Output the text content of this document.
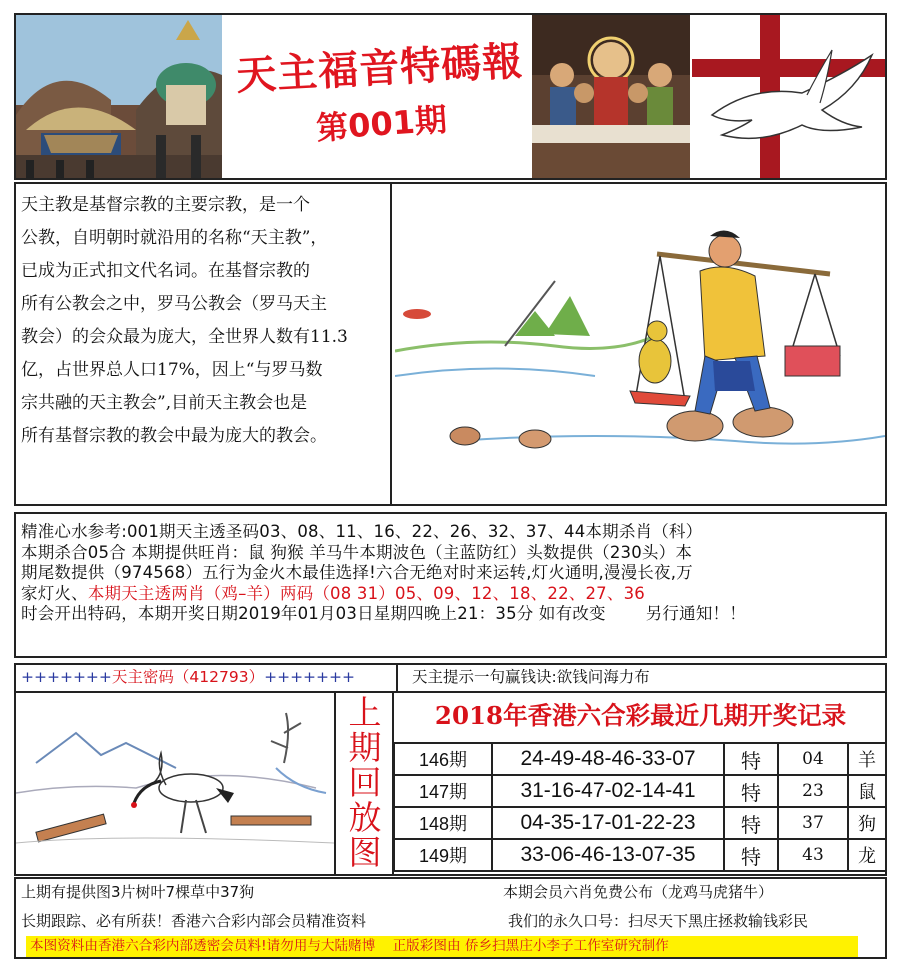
天主福音特碼報
第001期

天主教是基督宗教的主要宗教，是一个

公教，自明朝时就沿用的名称“天主教”，

已成为正式扣文代名词。在基督宗教的

所有公教会之中，罗马公教会（罗马天主

教会）的会众最为庞大，全世界人数有11.3

亿，占世界总人口17%，因上“与罗马数

宗共融的天主教会”,目前天主教会也是

所有基督宗教的教会中最为庞大的教会。

精准心水参考:001期天主透圣码03、08、11、16、22、26、32、37、44本期杀肖（科）
本期杀合05合 本期提供旺肖：鼠 狗猴 羊马牛本期波色（主蓝防红）头数提供（230头）本
期尾数提供（974568）五行为金火木最佳选择!六合无绝对时来运转,灯火通明,漫漫长夜,万
家灯火、本期天主透两肖（鸡–羊）两码（08 31）05、09、12、18、22、27、36
时会开出特码，本期开奖日期2019年01月03日星期四晚上21：35分 如有改变 另行通知！！
+++++++天主密码（412793）+++++++	天主提示一句赢钱诀:欲钱问海力布
上
期
回
放
图
2018年香港六合彩最近几期开奖记录
146期	24-49-48-46-33-07	特	04	羊
147期	31-16-47-02-14-41	特	23	鼠
148期	04-35-17-01-22-23	特	37	狗
149期	33-06-46-13-07-35	特	43	龙
上期有提供图3片树叶7棵草中37狗	本期会员六肖免费公布（龙鸡马虎猪牛）
长期跟踪、必有所获！香港六合彩内部会员精准资料	我们的永久口号：扫尽天下黑庄拯救输钱彩民
本图资料由香港六合彩内部透密会员料!请勿用与大陆赌博    正版彩图由 侨乡扫黑庄小李子工作室研究制作
